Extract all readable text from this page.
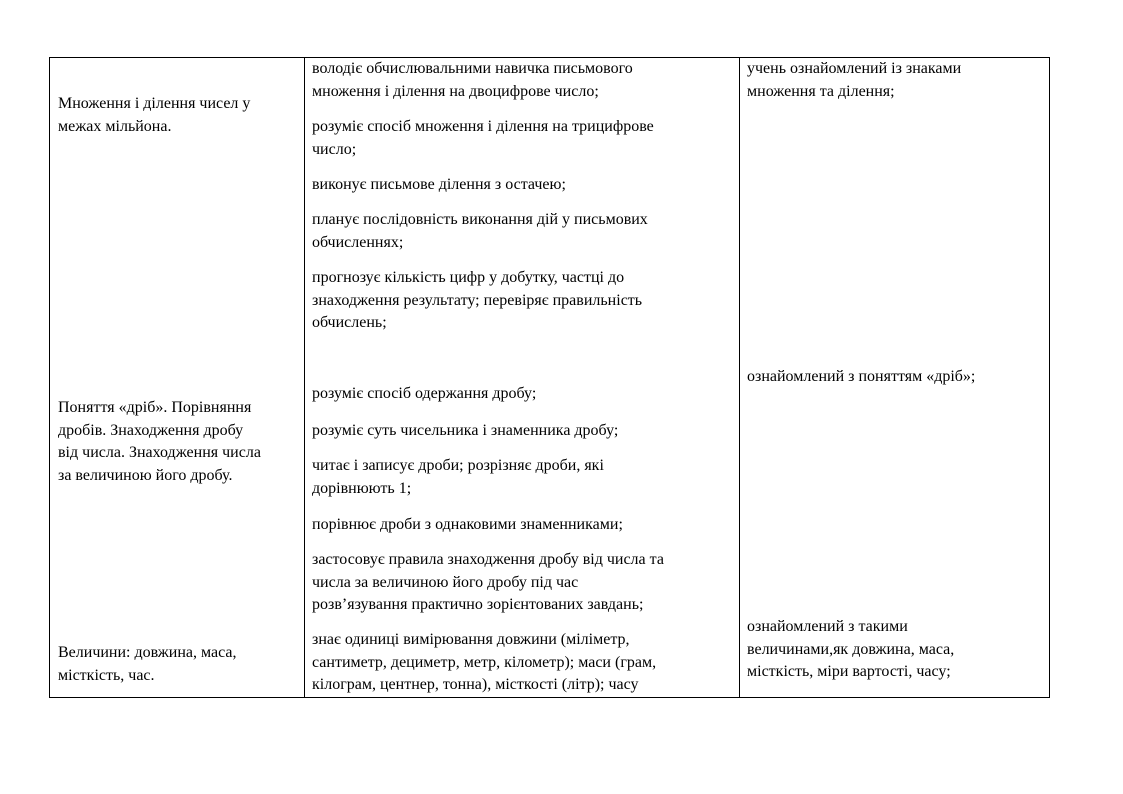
Множення і ділення чисел у
межах мільйона.
Поняття «дріб». Порівняння
дробів. Знаходження дробу
від числа. Знаходження числа
за величиною його дробу.
Величини: довжина, маса,
місткість, час.
володіє обчислювальними навичка письмового
множення і ділення на двоцифрове число;
розуміє спосіб множення і ділення на трицифрове
число;
виконує письмове ділення з остачею;
планує послідовність виконання дій у письмових
обчисленнях;
прогнозує кількість цифр у добутку, частці до
знаходження результату; перевіряє правильність
обчислень;
розуміє спосіб одержання дробу;
розуміє суть чисельника і знаменника дробу;
читає і записує дроби; розрізняє дроби, які
дорівнюють 1;
порівнює дроби з однаковими знаменниками;
застосовує правила знаходження дробу від числа та
числа за величиною його дробу під час
розв’язування практично зорієнтованих завдань;
знає одиниці вимірювання довжини (міліметр,
сантиметр, дециметр, метр, кілометр); маси (грам,
кілограм, центнер, тонна), місткості (літр); часу
учень ознайомлений із знаками
множення та ділення;
ознайомлений з поняттям «дріб»;
ознайомлений з такими
величинами,як довжина, маса,
місткість, міри вартості, часу;
